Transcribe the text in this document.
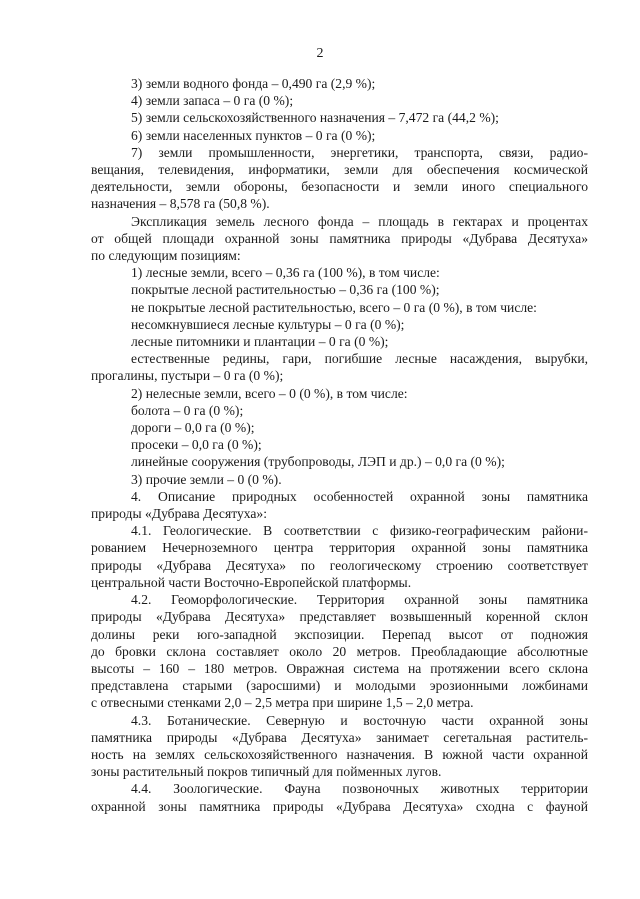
2
3) земли водного фонда – 0,490 га (2,9 %);
4) земли запаса – 0 га (0 %);
5) земли сельскохозяйственного назначения – 7,472 га (44,2 %);
6) земли населенных пунктов – 0 га (0 %);
7) земли промышленности, энергетики, транспорта, связи, радио-
вещания, телевидения, информатики, земли для обеспечения космической
деятельности, земли обороны, безопасности и земли иного специального
назначения – 8,578 га (50,8 %).
Экспликация земель лесного фонда – площадь в гектарах и процентах
от общей площади охранной зоны памятника природы «Дубрава Десятуха»
по следующим позициям:
1) лесные земли, всего – 0,36 га (100 %), в том числе:
покрытые лесной растительностью – 0,36 га (100 %);
не покрытые лесной растительностью, всего – 0 га (0 %), в том числе:
несомкнувшиеся лесные культуры – 0 га (0 %);
лесные питомники и плантации – 0 га (0 %);
естественные редины, гари, погибшие лесные насаждения, вырубки,
прогалины, пустыри – 0 га (0 %);
2) нелесные земли, всего – 0 (0 %), в том числе:
болота – 0 га (0 %);
дороги – 0,0 га (0 %);
просеки – 0,0 га (0 %);
линейные сооружения (трубопроводы, ЛЭП и др.) – 0,0 га (0 %);
3) прочие земли – 0 (0 %).
4. Описание природных особенностей охранной зоны памятника
природы «Дубрава Десятуха»:
4.1. Геологические. В соответствии с физико-географическим райони-
рованием Нечерноземного центра территория охранной зоны памятника
природы «Дубрава Десятуха» по геологическому строению соответствует
центральной части Восточно-Европейской платформы.
4.2. Геоморфологические. Территория охранной зоны памятника
природы «Дубрава Десятуха» представляет возвышенный коренной склон
долины реки юго-западной экспозиции. Перепад высот от подножия
до бровки склона составляет около 20 метров. Преобладающие абсолютные
высоты – 160 – 180 метров. Овражная система на протяжении всего склона
представлена старыми (заросшими) и молодыми эрозионными ложбинами
с отвесными стенками 2,0 – 2,5 метра при ширине 1,5 – 2,0 метра.
4.3. Ботанические. Северную и восточную части охранной зоны
памятника природы «Дубрава Десятуха» занимает сегетальная раститель-
ность на землях сельскохозяйственного назначения. В южной части охранной
зоны растительный покров типичный для пойменных лугов.
4.4. Зоологические. Фауна позвоночных животных территории
охранной зоны памятника природы «Дубрава Десятуха» сходна с фауной
